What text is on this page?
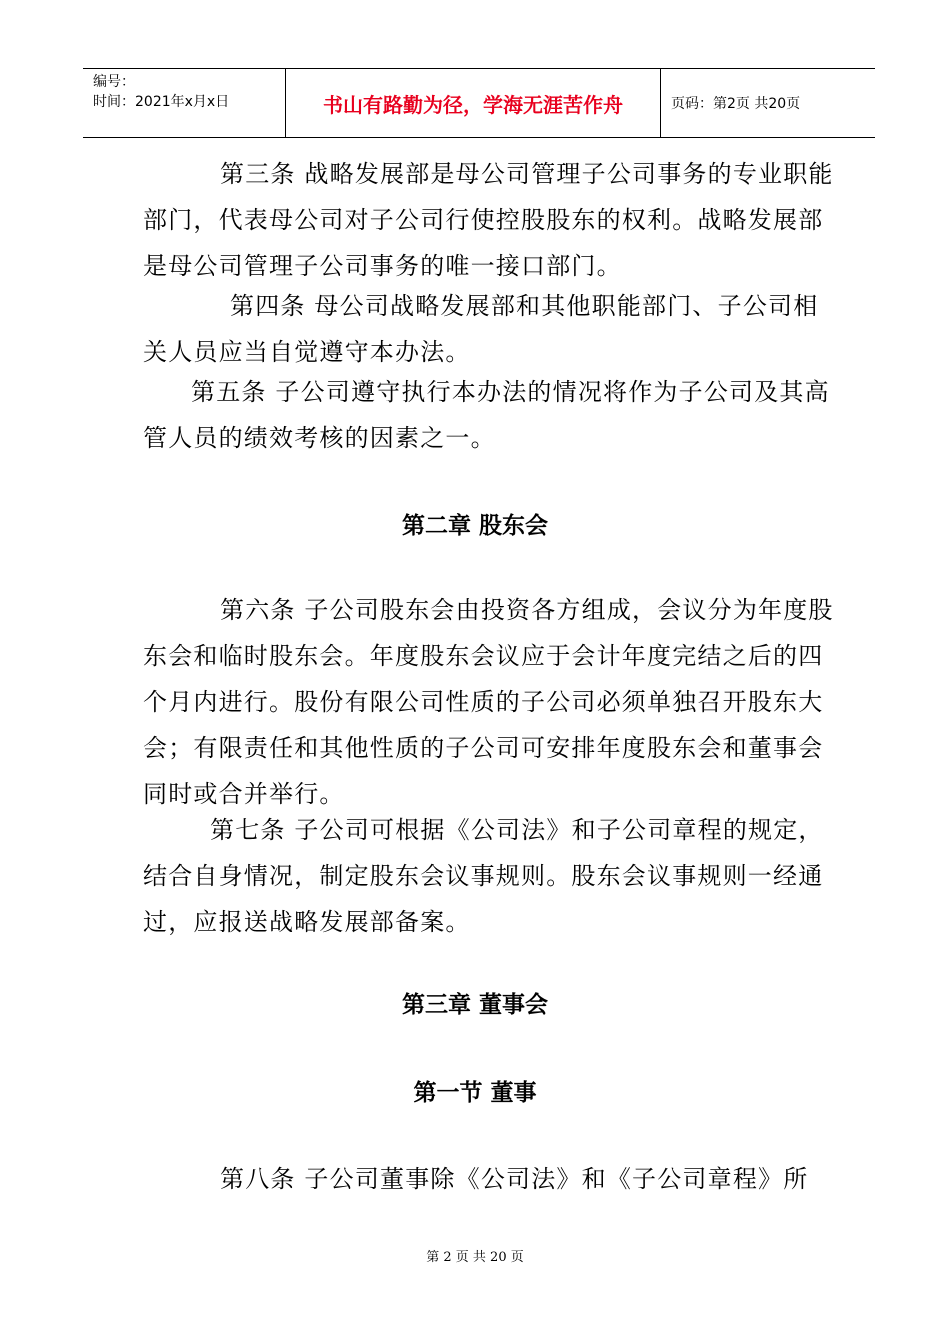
编号：
时间：2021年x月x日	书山有路勤为径，学海无涯苦作舟	页码：第2页 共20页

第三条 战略发展部是母公司管理子公司事务的专业职能部门，代表母公司对子公司行使控股股东的权利。战略发展部是母公司管理子公司事务的唯一接口部门。

第四条 母公司战略发展部和其他职能部门、子公司相关人员应当自觉遵守本办法。

第五条 子公司遵守执行本办法的情况将作为子公司及其高管人员的绩效考核的因素之一。

第二章 股东会

第六条 子公司股东会由投资各方组成，会议分为年度股东会和临时股东会。年度股东会议应于会计年度完结之后的四个月内进行。股份有限公司性质的子公司必须单独召开股东大会；有限责任和其他性质的子公司可安排年度股东会和董事会同时或合并举行。

第七条 子公司可根据《公司法》和子公司章程的规定，结合自身情况，制定股东会议事规则。股东会议事规则一经通过，应报送战略发展部备案。

第三章 董事会
第一节 董事

第八条 子公司董事除《公司法》和《子公司章程》所

第 2 页 共 20 页
